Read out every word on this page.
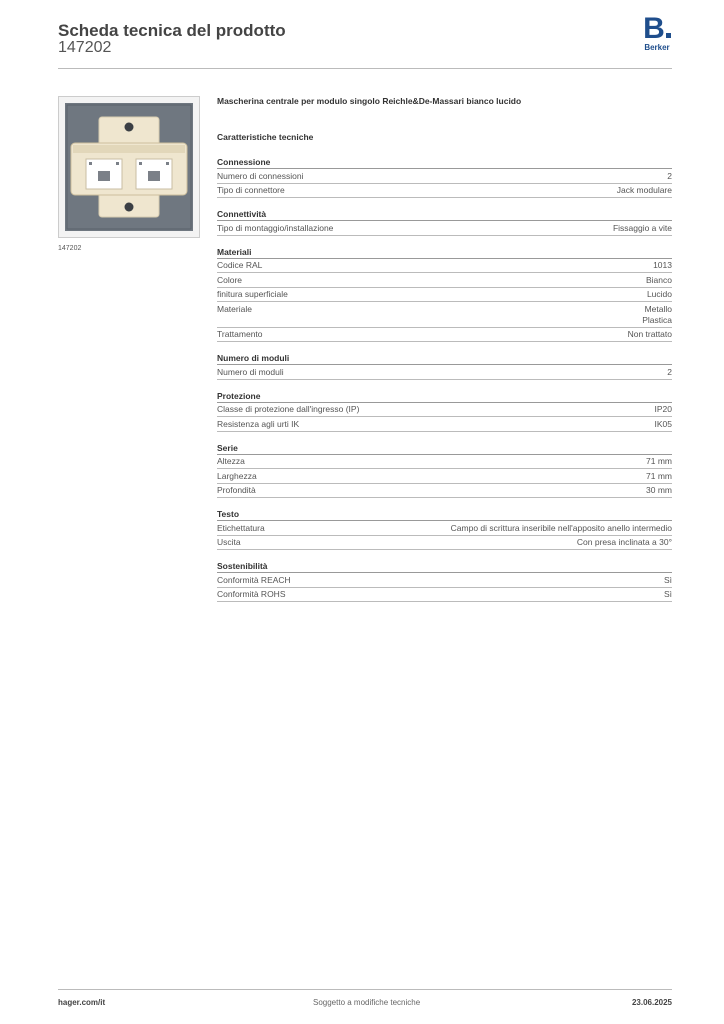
Scheda tecnica del prodotto
147202
B
Berker
147202
Mascherina centrale per modulo singolo Reichle&De-Massari bianco lucido
Caratteristiche tecniche
Connessione
Numero di connessioni	2
Tipo di connettore	Jack modulare
Connettività
Tipo di montaggio/installazione	Fissaggio a vite
Materiali
Codice RAL	1013
Colore	Bianco
finitura superficiale	Lucido
Materiale	Metallo
Plastica
Trattamento	Non trattato
Numero di moduli
Numero di moduli	2
Protezione
Classe di protezione dall'ingresso (IP)	IP20
Resistenza agli urti IK	IK05
Serie
Altezza	71 mm
Larghezza	71 mm
Profondità	30 mm
Testo
Etichettatura	Campo di scrittura inseribile nell'apposito anello intermedio
Uscita	Con presa inclinata a 30°
Sostenibilità
Conformità REACH	Sì
Conformità ROHS	Sì
hager.com/it	Soggetto a modifiche tecniche	23.06.2025
